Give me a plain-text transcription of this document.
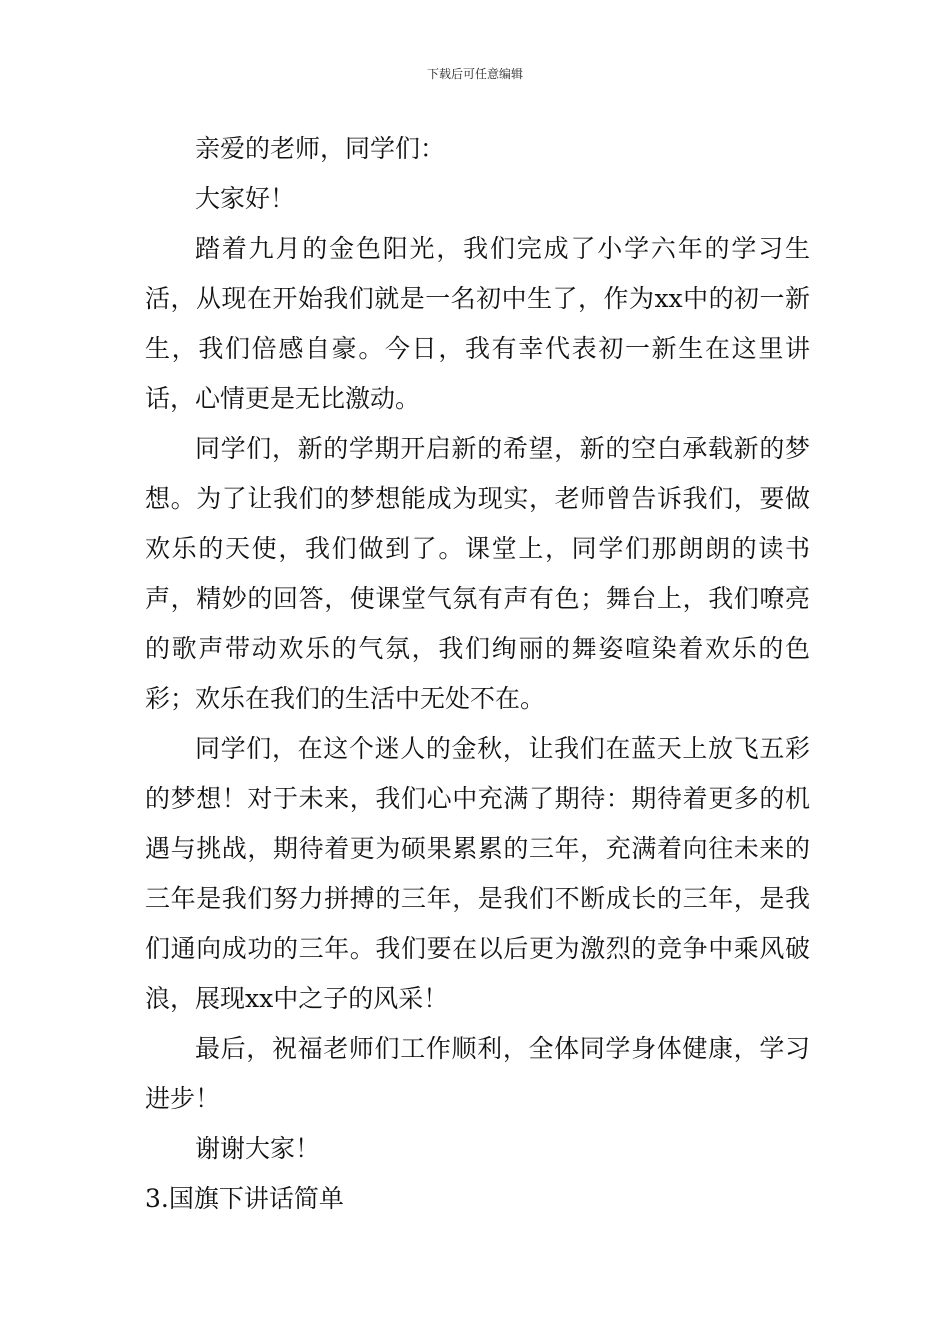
下载后可任意编辑

亲爱的老师，同学们：

大家好！

踏着九月的金色阳光，我们完成了小学六年的学习生活，从现在开始我们就是一名初中生了，作为xx中的初一新生，我们倍感自豪。今日，我有幸代表初一新生在这里讲话，心情更是无比激动。

同学们，新的学期开启新的希望，新的空白承载新的梦想。为了让我们的梦想能成为现实，老师曾告诉我们，要做欢乐的天使，我们做到了。课堂上，同学们那朗朗的读书声，精妙的回答，使课堂气氛有声有色；舞台上，我们嘹亮的歌声带动欢乐的气氛，我们绚丽的舞姿喧染着欢乐的色彩；欢乐在我们的生活中无处不在。

同学们，在这个迷人的金秋，让我们在蓝天上放飞五彩的梦想！对于未来，我们心中充满了期待：期待着更多的机遇与挑战，期待着更为硕果累累的三年，充满着向往未来的三年是我们努力拼搏的三年，是我们不断成长的三年，是我们通向成功的三年。我们要在以后更为激烈的竞争中乘风破浪，展现xx中之子的风采！

最后，祝福老师们工作顺利，全体同学身体健康，学习进步！

谢谢大家！

3.国旗下讲话简单
